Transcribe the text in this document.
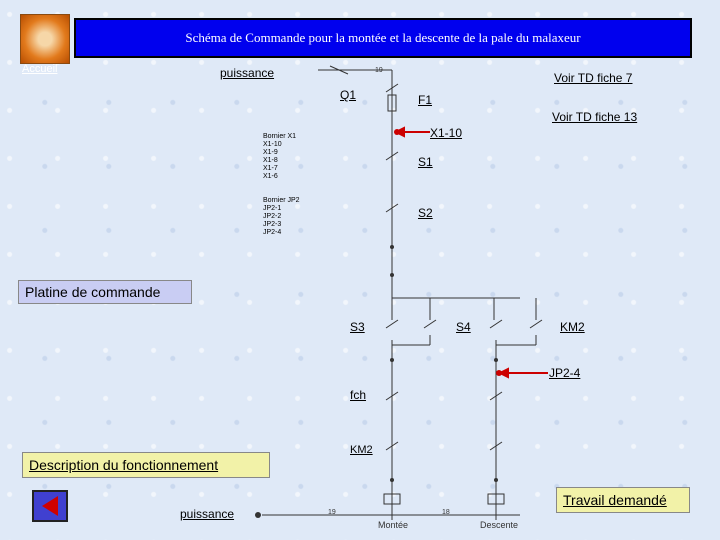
Accueil
Schéma de Commande pour la montée et la descente de la pale du malaxeur
puissance	Voir TD fiche 7
Voir TD fiche 13
19
19	18
Montée	Descente
Q1	F1
X1-10
S1
S2
S3	S4	KM2
JP2-4
fch
KM2
Bornier X1
X1-10
X1-9
X1-8
X1-7
X1-6
Bornier JP2
JP2-1
JP2-2
JP2-3
JP2-4
Platine de commande
Description du fonctionnement
Travail demandé
puissance
